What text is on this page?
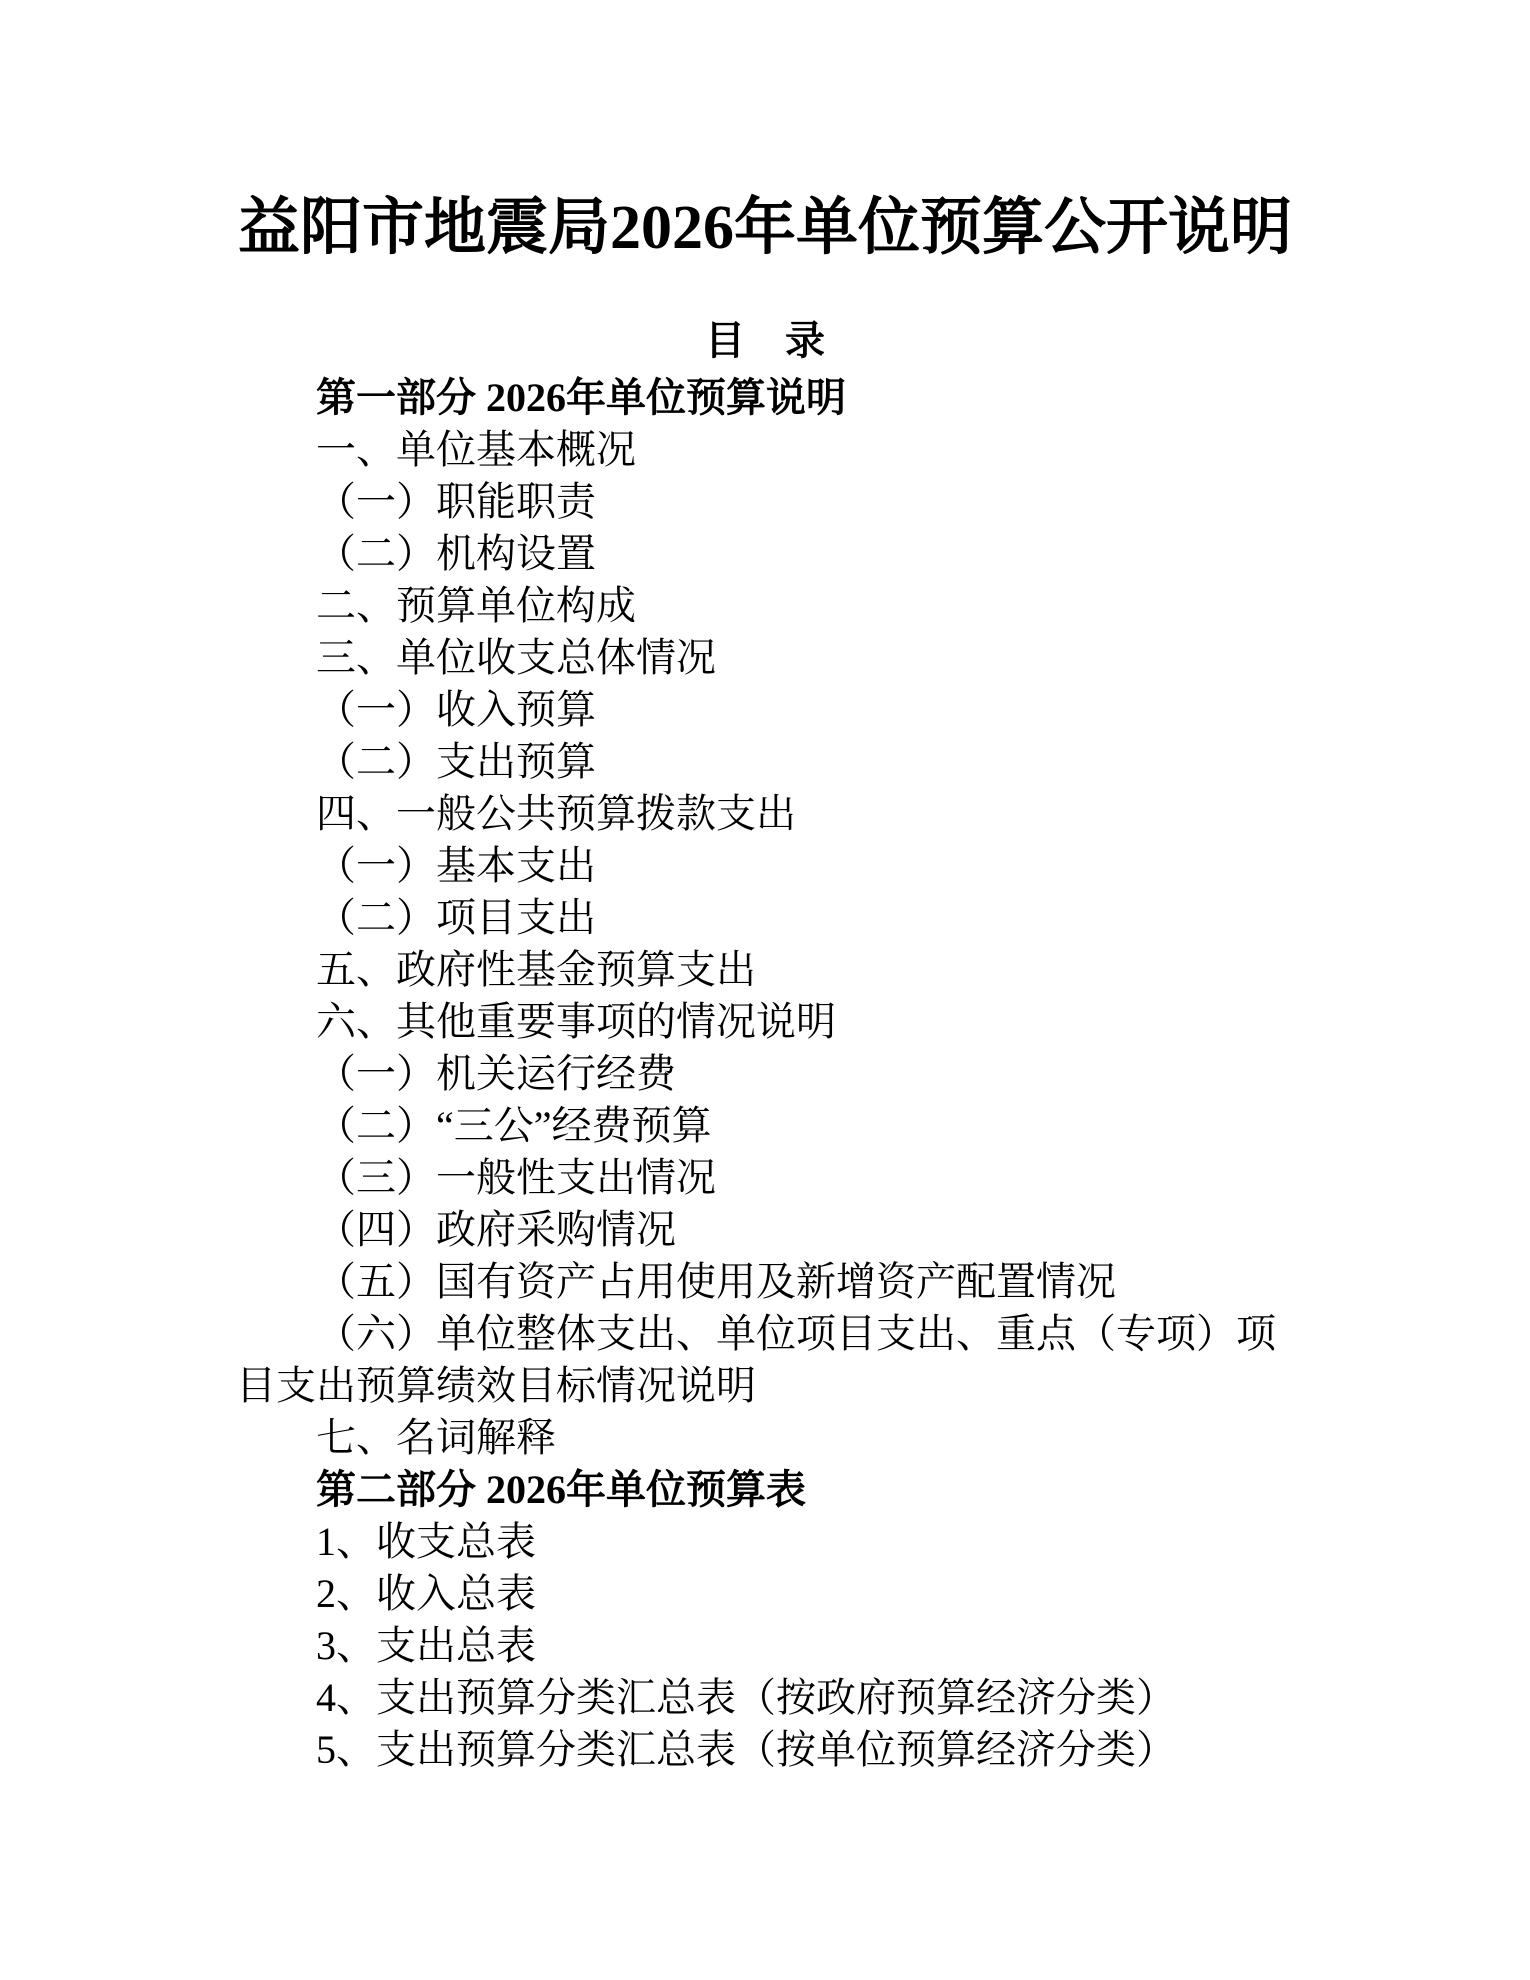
益阳市地震局2026年单位预算公开说明
目　录

第一部分 2026年单位预算说明

一、单位基本概况

（一）职能职责

（二）机构设置

二、预算单位构成

三、单位收支总体情况

（一）收入预算

（二）支出预算

四、一般公共预算拨款支出

（一）基本支出

（二）项目支出

五、政府性基金预算支出

六、其他重要事项的情况说明

（一）机关运行经费

（二）“三公”经费预算

（三）一般性支出情况

（四）政府采购情况

（五）国有资产占用使用及新增资产配置情况

（六）单位整体支出、单位项目支出、重点（专项）项目支出预算绩效目标情况说明

七、名词解释

第二部分 2026年单位预算表

1、收支总表

2、收入总表

3、支出总表

4、支出预算分类汇总表（按政府预算经济分类）

5、支出预算分类汇总表（按单位预算经济分类）
